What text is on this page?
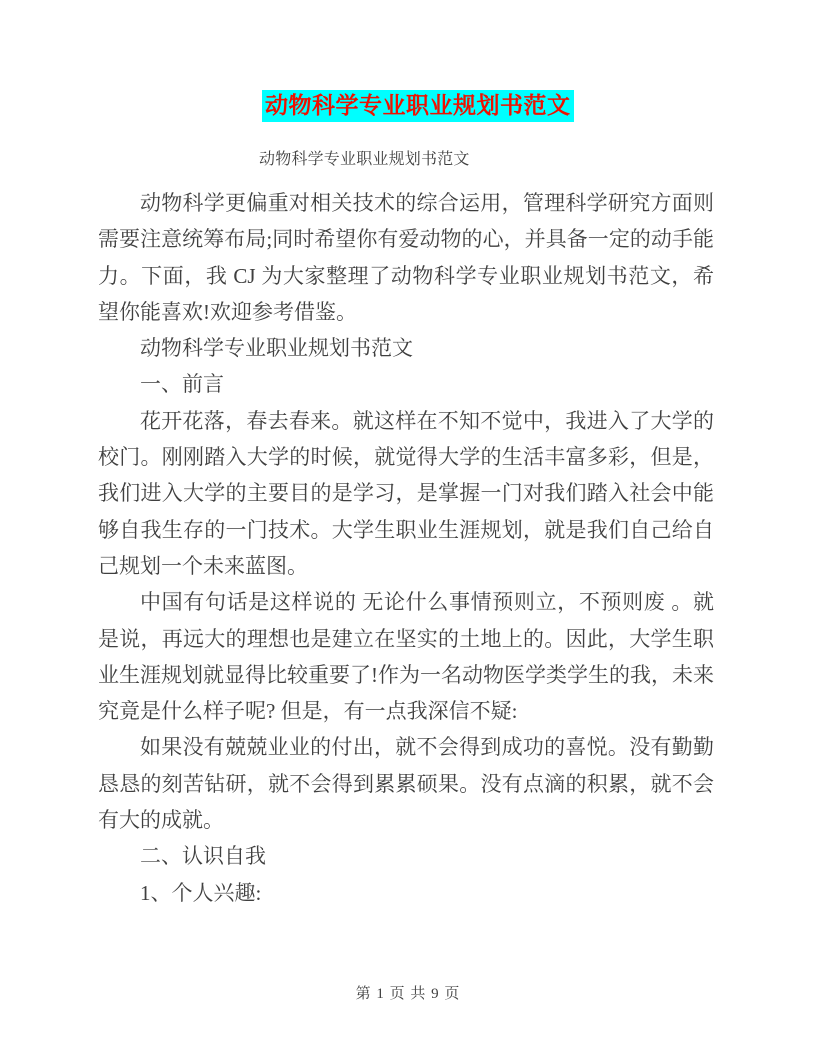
动物科学专业职业规划书范文
动物科学专业职业规划书范文

动物科学更偏重对相关技术的综合运用，管理科学研究方面则需要注意统筹布局;同时希望你有爱动物的心，并具备一定的动手能力。下面，我 CJ 为大家整理了动物科学专业职业规划书范文，希望你能喜欢!欢迎参考借鉴。

动物科学专业职业规划书范文

一、前言

花开花落，春去春来。就这样在不知不觉中，我进入了大学的校门。刚刚踏入大学的时候，就觉得大学的生活丰富多彩，但是，我们进入大学的主要目的是学习，是掌握一门对我们踏入社会中能够自我生存的一门技术。大学生职业生涯规划，就是我们自己给自己规划一个未来蓝图。

中国有句话是这样说的 无论什么事情预则立，不预则废 。就是说，再远大的理想也是建立在坚实的土地上的。因此，大学生职业生涯规划就显得比较重要了!作为一名动物医学类学生的我，未来究竟是什么样子呢? 但是，有一点我深信不疑:

如果没有兢兢业业的付出，就不会得到成功的喜悦。没有勤勤恳恳的刻苦钻研，就不会得到累累硕果。没有点滴的积累，就不会有大的成就。

二、认识自我

1、个人兴趣:

第 1 页 共 9 页
